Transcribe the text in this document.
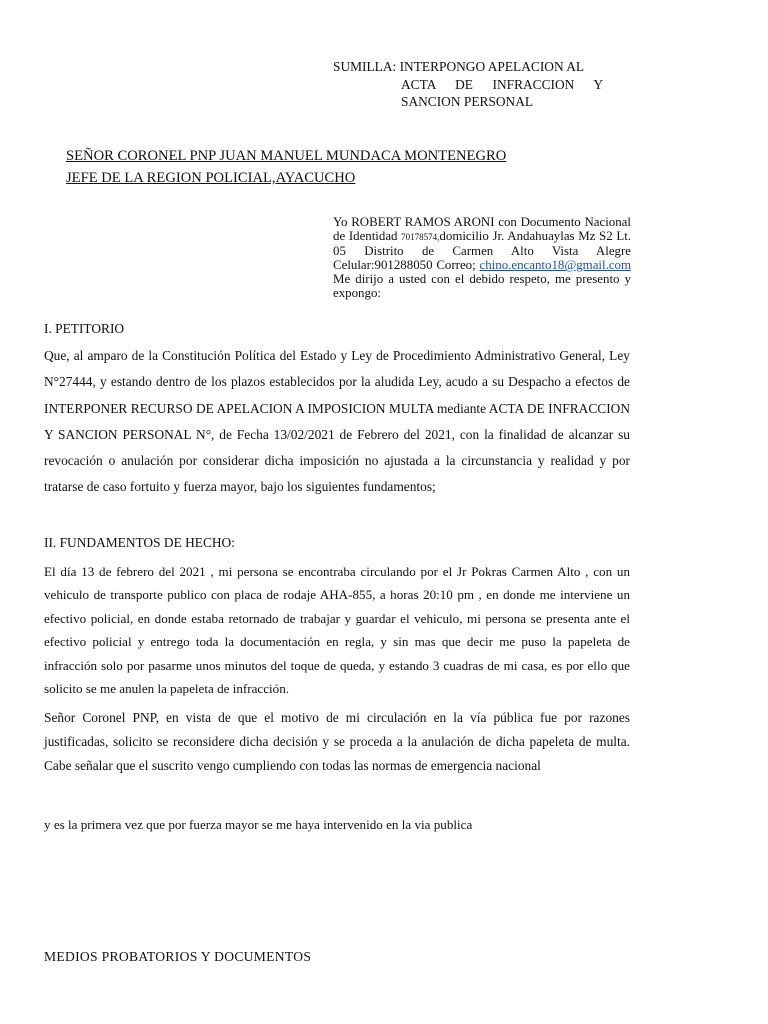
SUMILLA: INTERPONGO APELACION AL
ACTA DE INFRACCION Y
SANCION PERSONAL
SEÑOR CORONEL PNP JUAN MANUEL MUNDACA MONTENEGRO
JEFE DE LA REGION POLICIAL,AYACUCHO
Yo ROBERT RAMOS ARONI con Documento Nacional de Identidad 70178574,domicilio Jr. Andahuaylas Mz S2 Lt. 05 Distrito de Carmen Alto Vista Alegre Celular:901288050 Correo; chino.encanto18@gmail.com Me dirijo a usted con el debido respeto, me presento y expongo:
I. PETITORIO
Que, al amparo de la Constitución Política del Estado y Ley de Procedimiento Administrativo General, Ley N°27444, y estando dentro de los plazos establecidos por la aludida Ley, acudo a su Despacho a efectos de INTERPONER RECURSO DE APELACION A IMPOSICION MULTA mediante ACTA DE INFRACCION Y SANCION PERSONAL N°, de Fecha 13/02/2021 de Febrero del 2021, con la finalidad de alcanzar su revocación o anulación por considerar dicha imposición no ajustada a la circunstancia y realidad y por tratarse de caso fortuito y fuerza mayor, bajo los siguientes fundamentos;
II. FUNDAMENTOS DE HECHO:
El día 13 de febrero del 2021 , mi persona se encontraba circulando por el Jr Pokras Carmen Alto , con un vehiculo de transporte publico con placa de rodaje AHA-855, a horas 20:10 pm , en donde me interviene un efectivo policial, en donde estaba retornado de trabajar y guardar el vehiculo, mi persona se presenta ante el efectivo policial y entrego toda la documentación en regla, y sin mas que decir me puso la papeleta de infracción solo por pasarme unos minutos del toque de queda, y estando 3 cuadras de mi casa, es por ello que solicito se me anulen la papeleta de infracción.
Señor Coronel PNP, en vista de que el motivo de mi circulación en la vía pública fue por razones justificadas, solicito se reconsidere dicha decisión y se proceda a la anulación de dicha papeleta de multa. Cabe señalar que el suscrito vengo cumpliendo con todas las normas de emergencia nacional
y es la primera vez que por fuerza mayor se me haya intervenido en la via publica
MEDIOS PROBATORIOS Y DOCUMENTOS
